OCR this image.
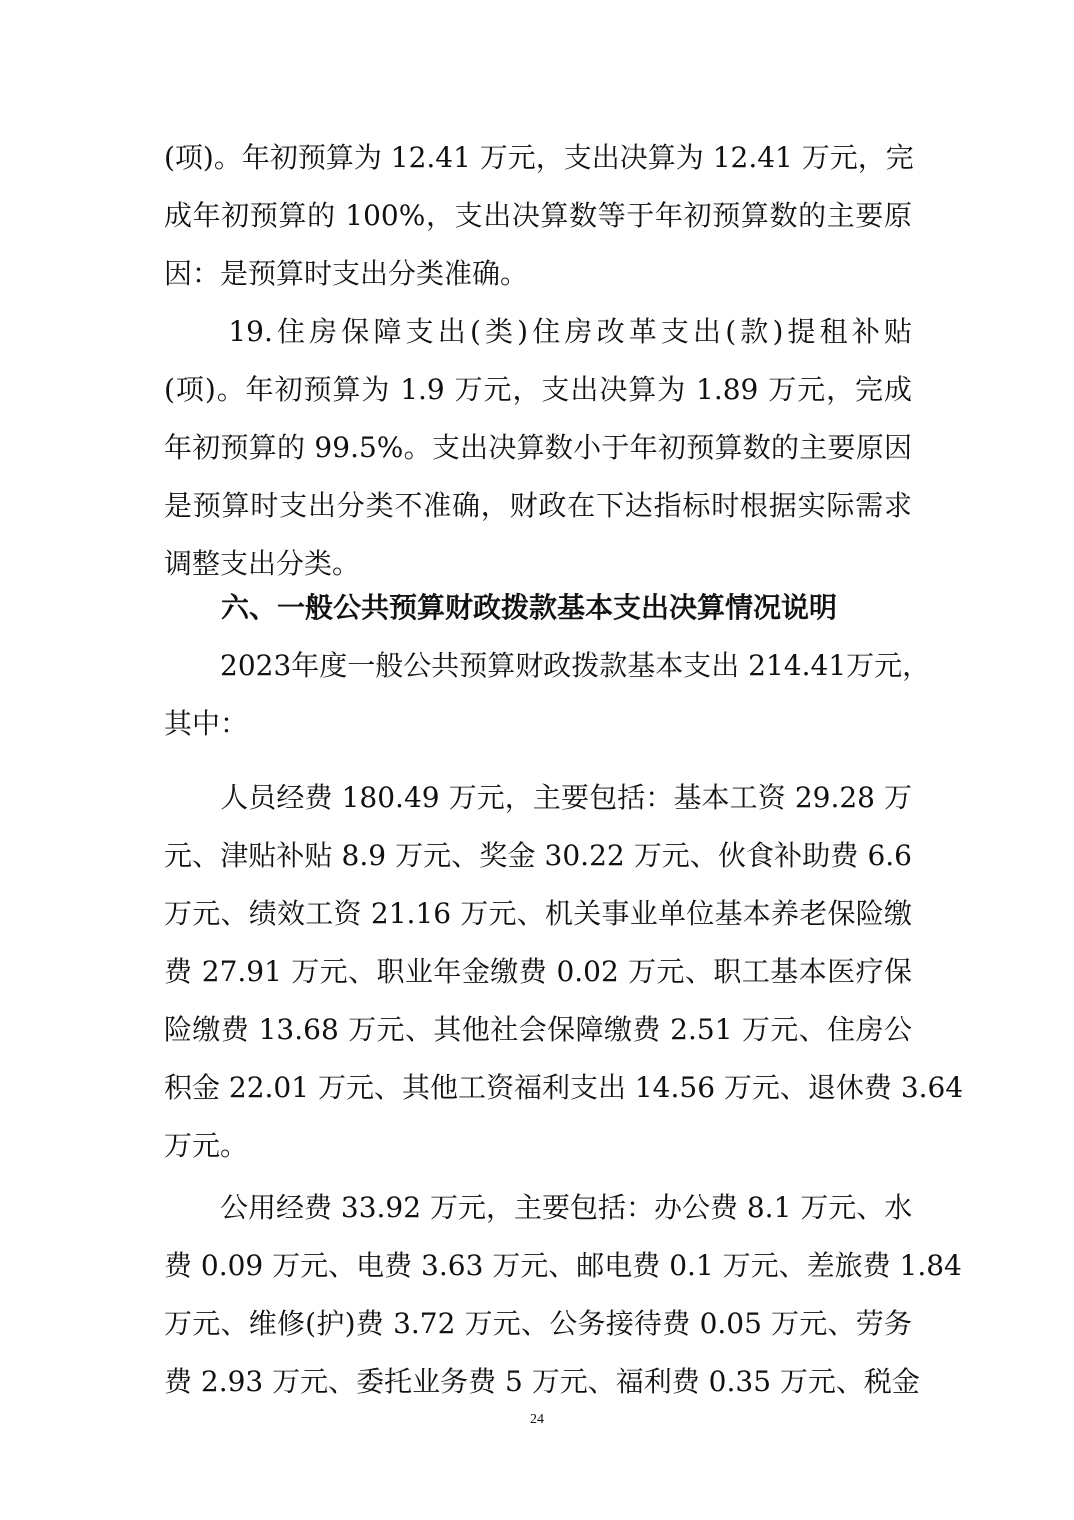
(项)。年初预算为 12.41 万元，支出决算为 12.41 万元，完
成年初预算的 100%，支出决算数等于年初预算数的主要原
因：是预算时支出分类准确。
　　19.住房保障支出(类)住房改革支出(款)提租补贴
(项)。年初预算为 1.9 万元，支出决算为 1.89 万元，完成
年初预算的 99.5%。支出决算数小于年初预算数的主要原因
是预算时支出分类不准确，财政在下达指标时根据实际需求
调整支出分类。
六、一般公共预算财政拨款基本支出决算情况说明
　　2023年度一般公共预算财政拨款基本支出 214.41万元，
其中：
　　人员经费 180.49 万元，主要包括：基本工资 29.28 万
元、津贴补贴 8.9 万元、奖金 30.22 万元、伙食补助费 6.6
万元、绩效工资 21.16 万元、机关事业单位基本养老保险缴
费 27.91 万元、职业年金缴费 0.02 万元、职工基本医疗保
险缴费 13.68 万元、其他社会保障缴费 2.51 万元、住房公
积金 22.01 万元、其他工资福利支出 14.56 万元、退休费 3.64
万元。
　　公用经费 33.92 万元，主要包括：办公费 8.1 万元、水
费 0.09 万元、电费 3.63 万元、邮电费 0.1 万元、差旅费 1.84
万元、维修(护)费 3.72 万元、公务接待费 0.05 万元、劳务
费 2.93 万元、委托业务费 5 万元、福利费 0.35 万元、税金
24
